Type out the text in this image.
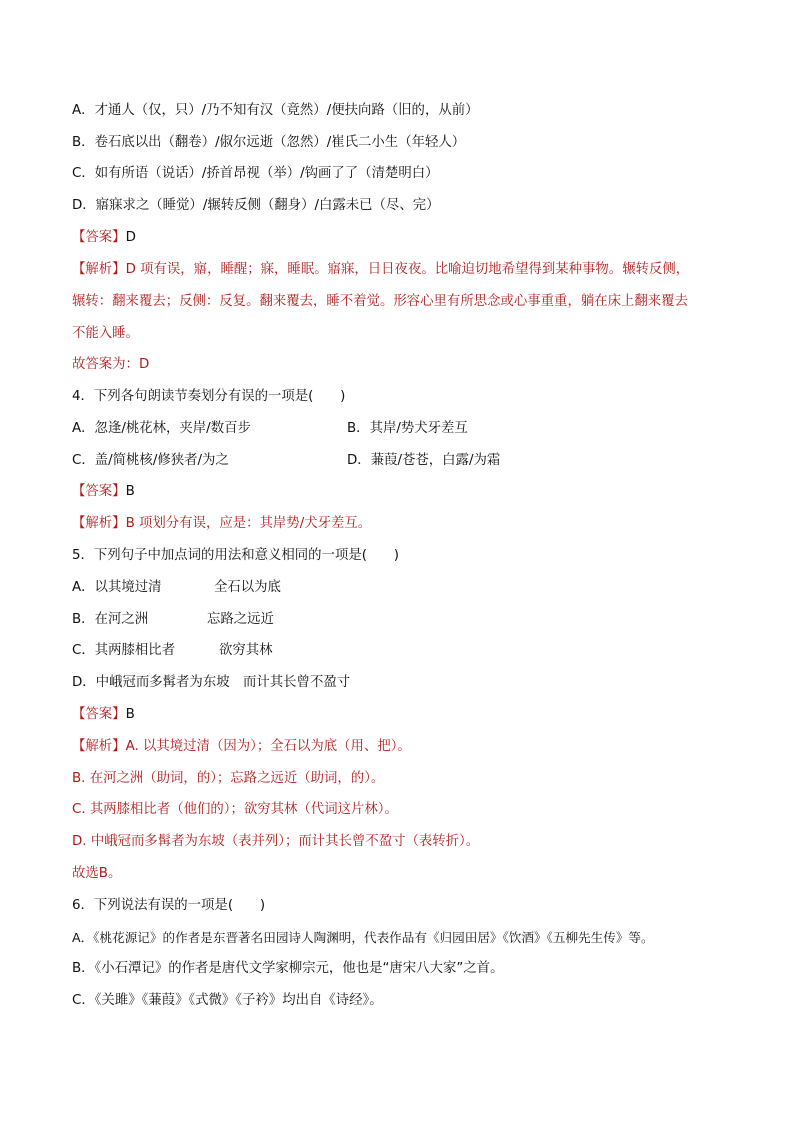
A．才通人（仅，只）/乃不知有汉（竟然）/便扶向路（旧的，从前）
B．卷石底以出（翻卷）/俶尔远逝（忽然）/崔氏二小生（年轻人）
C．如有所语（说话）/挢首昂视（举）/钩画了了（清楚明白）
D．寤寐求之（睡觉）/辗转反侧（翻身）/白露未已（尽、完）
【答案】D
【解析】D 项有误，寤，睡醒；寐，睡眠。寤寐，日日夜夜。比喻迫切地希望得到某种事物。辗转反侧，
辗转：翻来覆去；反侧：反复。翻来覆去，睡不着觉。形容心里有所思念或心事重重，躺在床上翻来覆去
不能入睡。
故答案为：D
4．下列各句朗读节奏划分有误的一项是(　　)
A．忽逢/桃花林，夹岸/数百步	B．其岸/势犬牙差互
C．盖/简桃核/修狭者/为之	D．蒹葭/苍苍，白露/为霜
【答案】B
【解析】B 项划分有误，应是：其岸势/犬牙差互。
5．下列句子中加点词的用法和意义相同的一项是(　　)
A．以其境过清	全石以为底
B．在河之洲	忘路之远近
C．其两膝相比者	欲穷其林
D．中峨冠而多髯者为东坡 而计其长曾不盈寸
【答案】B
【解析】A. 以其境过清（因为）；全石以为底（用、把）。
B. 在河之洲（助词，的）；忘路之远近（助词，的）。
C. 其两膝相比者（他们的）；欲穷其林（代词这片林）。
D. 中峨冠而多髯者为东坡（表并列）；而计其长曾不盈寸（表转折）。
故选B。
6．下列说法有误的一项是(　　)
A．《桃花源记》的作者是东晋著名田园诗人陶渊明，代表作品有《归园田居》《饮酒》《五柳先生传》等。
B．《小石潭记》的作者是唐代文学家柳宗元，他也是“唐宋八大家”之首。
C．《关雎》《蒹葭》《式微》《子衿》均出自《诗经》。
